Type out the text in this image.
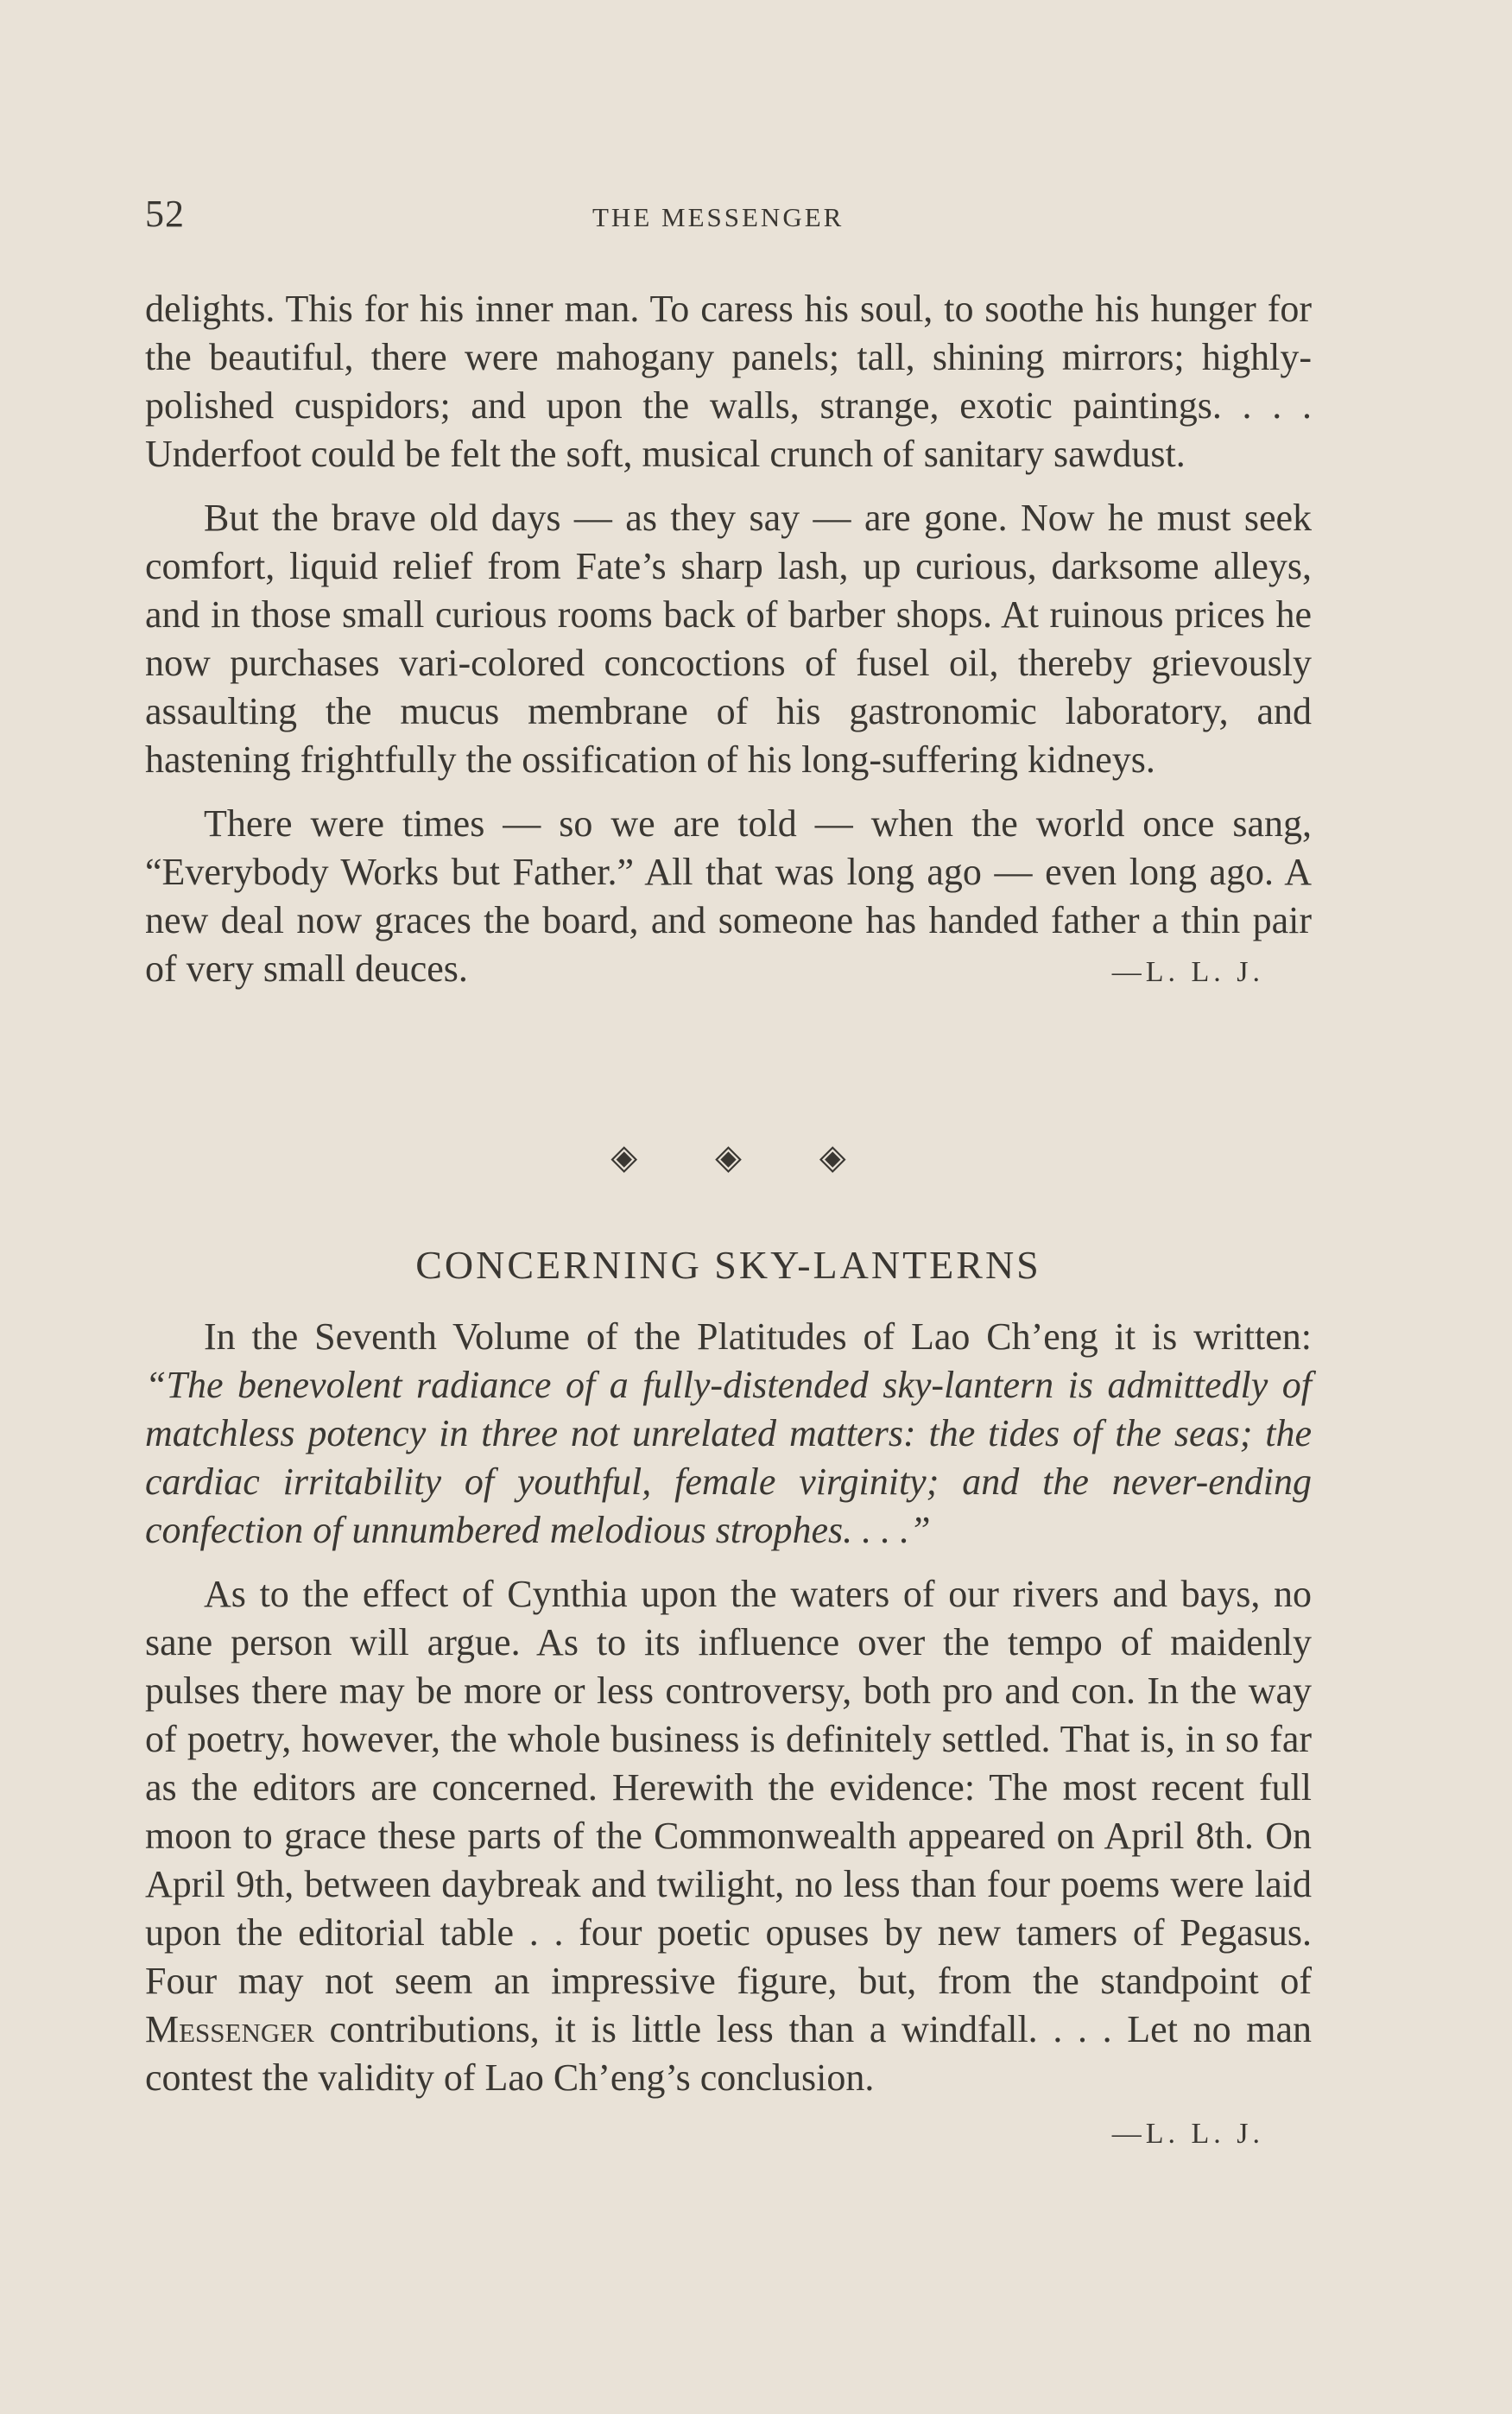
52	THE MESSENGER

delights. This for his inner man. To caress his soul, to soothe his hunger for the beautiful, there were mahogany panels; tall, shining mirrors; highly-polished cuspidors; and upon the walls, strange, exotic paintings. . . . Underfoot could be felt the soft, musical crunch of sanitary sawdust.

But the brave old days — as they say — are gone. Now he must seek comfort, liquid relief from Fate’s sharp lash, up curious, darksome alleys, and in those small curious rooms back of barber shops. At ruinous prices he now purchases vari-colored concoctions of fusel oil, thereby grievously assaulting the mucus membrane of his gastronomic laboratory, and hastening frightfully the ossification of his long-suffering kidneys.

There were times — so we are told — when the world once sang, “Everybody Works but Father.” All that was long ago — even long ago. A new deal now graces the board, and someone has handed father a thin pair of very small deuces.	—L. L. J.

◈ ◈ ◈
CONCERNING SKY-LANTERNS

In the Seventh Volume of the Platitudes of Lao Ch’eng it is written: “The benevolent radiance of a fully-distended sky-lantern is admittedly of matchless potency in three not unrelated matters: the tides of the seas; the cardiac irritability of youthful, female virginity; and the never-ending confection of unnumbered melodious strophes. . . .”

As to the effect of Cynthia upon the waters of our rivers and bays, no sane person will argue. As to its influence over the tempo of maidenly pulses there may be more or less controversy, both pro and con. In the way of poetry, however, the whole business is definitely settled. That is, in so far as the editors are concerned. Herewith the evidence: The most recent full moon to grace these parts of the Commonwealth appeared on April 8th. On April 9th, between daybreak and twilight, no less than four poems were laid upon the editorial table . . four poetic opuses by new tamers of Pegasus. Four may not seem an impressive figure, but, from the standpoint of Messenger contributions, it is little less than a windfall. . . . Let no man contest the validity of Lao Ch’eng’s conclusion.

—L. L. J.
